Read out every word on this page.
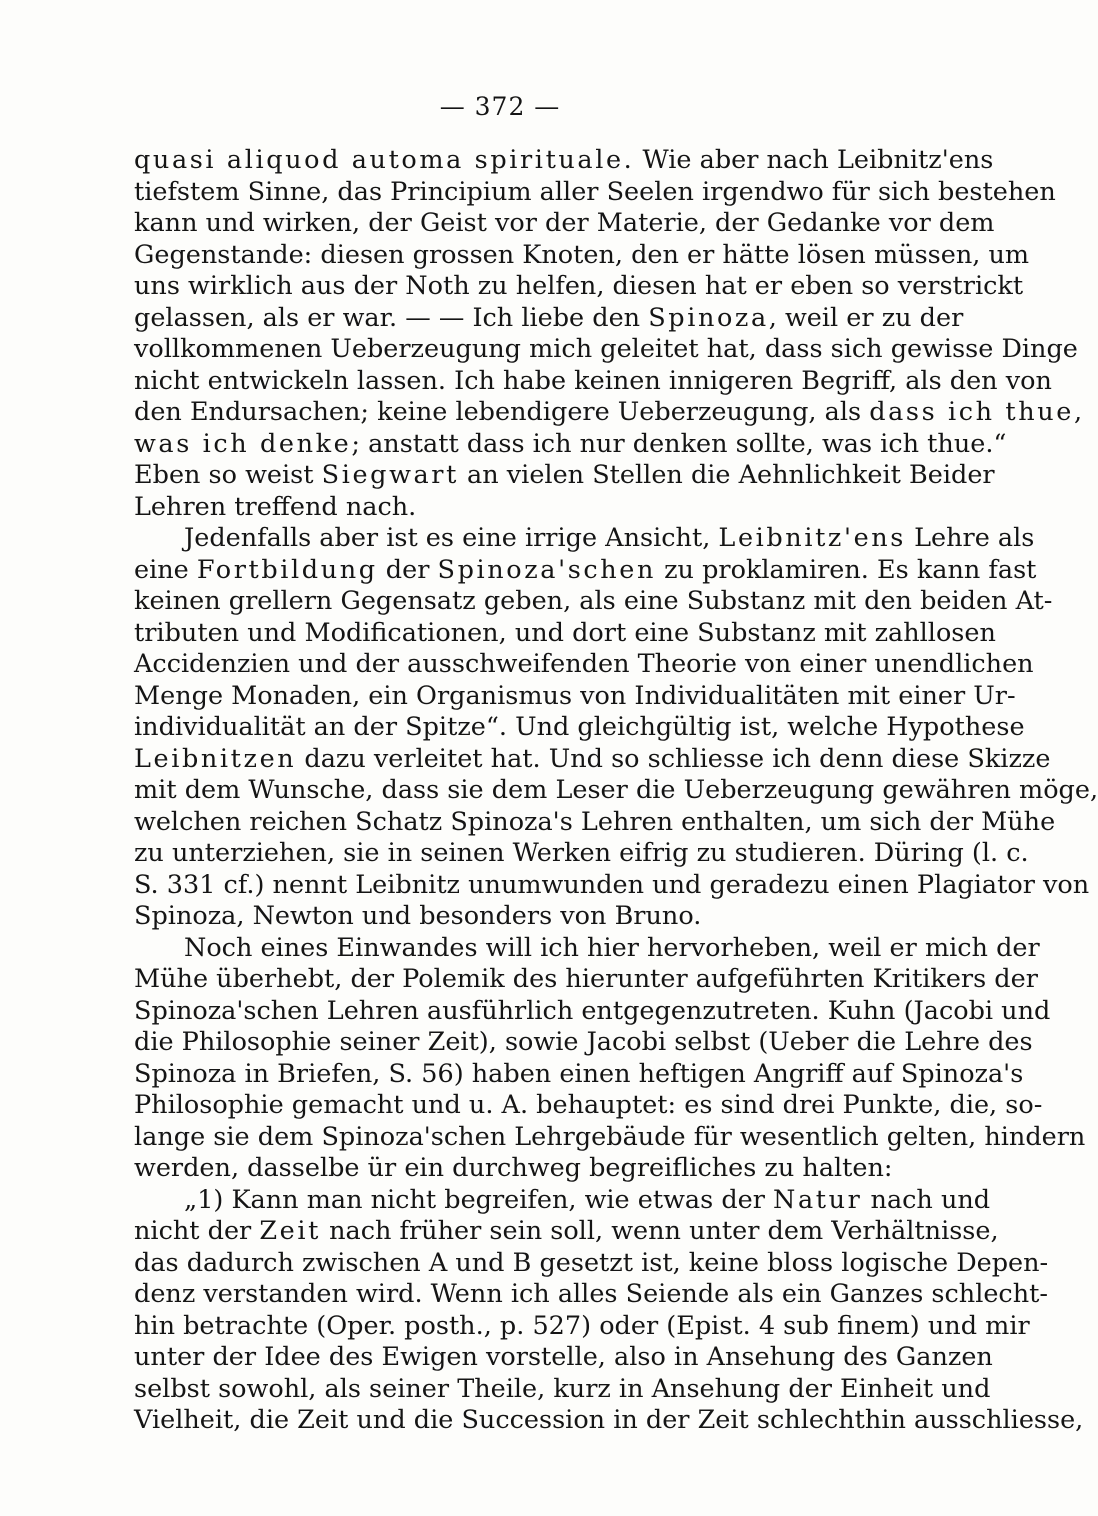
— 372 —
quasi aliquod automa spirituale. Wie aber nach Leibnitz'ens
tiefstem Sinne, das Principium aller Seelen irgendwo für sich bestehen
kann und wirken, der Geist vor der Materie, der Gedanke vor dem
Gegenstande: diesen grossen Knoten, den er hätte lösen müssen, um
uns wirklich aus der Noth zu helfen, diesen hat er eben so verstrickt
gelassen, als er war. — — Ich liebe den Spinoza, weil er zu der
vollkommenen Ueberzeugung mich geleitet hat, dass sich gewisse Dinge
nicht entwickeln lassen. Ich habe keinen innigeren Begriff, als den von
den Endursachen; keine lebendigere Ueberzeugung, als dass ich thue,
was ich denke; anstatt dass ich nur denken sollte, was ich thue.“
Eben so weist Siegwart an vielen Stellen die Aehnlichkeit Beider
Lehren treffend nach.
Jedenfalls aber ist es eine irrige Ansicht, Leibnitz'ens Lehre als
eine Fortbildung der Spinoza'schen zu proklamiren. Es kann fast
keinen grellern Gegensatz geben, als eine Substanz mit den beiden At-
tributen und Modificationen, und dort eine Substanz mit zahllosen
Accidenzien und der ausschweifenden Theorie von einer unendlichen
Menge Monaden, ein Organismus von Individualitäten mit einer Ur-
individualität an der Spitze“. Und gleichgültig ist, welche Hypothese
Leibnitzen dazu verleitet hat. Und so schliesse ich denn diese Skizze
mit dem Wunsche, dass sie dem Leser die Ueberzeugung gewähren möge,
welchen reichen Schatz Spinoza's Lehren enthalten, um sich der Mühe
zu unterziehen, sie in seinen Werken eifrig zu studieren. Düring (l. c.
S. 331 cf.) nennt Leibnitz unumwunden und geradezu einen Plagiator von
Spinoza, Newton und besonders von Bruno.
Noch eines Einwandes will ich hier hervorheben, weil er mich der
Mühe überhebt, der Polemik des hierunter aufgeführten Kritikers der
Spinoza'schen Lehren ausführlich entgegenzutreten. Kuhn (Jacobi und
die Philosophie seiner Zeit), sowie Jacobi selbst (Ueber die Lehre des
Spinoza in Briefen, S. 56) haben einen heftigen Angriff auf Spinoza's
Philosophie gemacht und u. A. behauptet: es sind drei Punkte, die, so-
lange sie dem Spinoza'schen Lehrgebäude für wesentlich gelten, hindern
werden, dasselbe ür ein durchweg begreifliches zu halten:
„1) Kann man nicht begreifen, wie etwas der Natur nach und
nicht der Zeit nach früher sein soll, wenn unter dem Verhältnisse,
das dadurch zwischen A und B gesetzt ist, keine bloss logische Depen-
denz verstanden wird. Wenn ich alles Seiende als ein Ganzes schlecht-
hin betrachte (Oper. posth., p. 527) oder (Epist. 4 sub finem) und mir
unter der Idee des Ewigen vorstelle, also in Ansehung des Ganzen
selbst sowohl, als seiner Theile, kurz in Ansehung der Einheit und
Vielheit, die Zeit und die Succession in der Zeit schlechthin ausschliesse,
